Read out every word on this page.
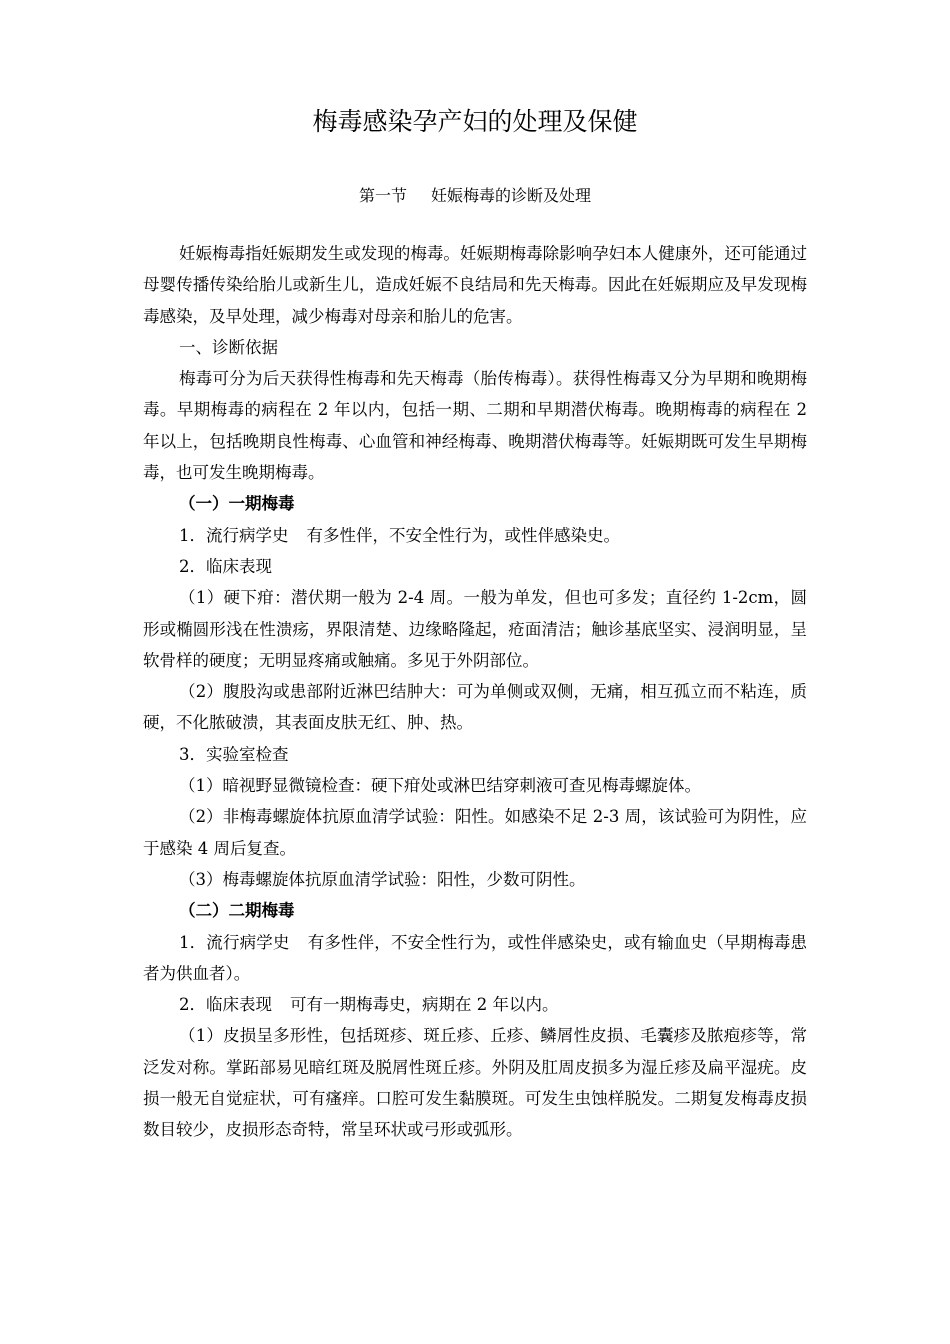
梅毒感染孕产妇的处理及保健
第一节 妊娠梅毒的诊断及处理

妊娠梅毒指妊娠期发生或发现的梅毒。妊娠期梅毒除影响孕妇本人健康外，还可能通过母婴传播传染给胎儿或新生儿，造成妊娠不良结局和先天梅毒。因此在妊娠期应及早发现梅毒感染，及早处理，减少梅毒对母亲和胎儿的危害。

一、诊断依据

梅毒可分为后天获得性梅毒和先天梅毒（胎传梅毒）。获得性梅毒又分为早期和晚期梅毒。早期梅毒的病程在 2 年以内，包括一期、二期和早期潜伏梅毒。晚期梅毒的病程在 2 年以上，包括晚期良性梅毒、心血管和神经梅毒、晚期潜伏梅毒等。妊娠期既可发生早期梅毒，也可发生晚期梅毒。

（一）一期梅毒

1．流行病学史 有多性伴，不安全性行为，或性伴感染史。

2．临床表现

（1）硬下疳：潜伏期一般为 2-4 周。一般为单发，但也可多发；直径约 1-2cm，圆形或椭圆形浅在性溃疡，界限清楚、边缘略隆起，疮面清洁；触诊基底坚实、浸润明显，呈软骨样的硬度；无明显疼痛或触痛。多见于外阴部位。

（2）腹股沟或患部附近淋巴结肿大：可为单侧或双侧，无痛，相互孤立而不粘连，质硬，不化脓破溃，其表面皮肤无红、肿、热。

3．实验室检查

（1）暗视野显微镜检查：硬下疳处或淋巴结穿刺液可查见梅毒螺旋体。

（2）非梅毒螺旋体抗原血清学试验：阳性。如感染不足 2-3 周，该试验可为阴性，应于感染 4 周后复查。

（3）梅毒螺旋体抗原血清学试验：阳性，少数可阴性。

（二）二期梅毒

1．流行病学史 有多性伴，不安全性行为，或性伴感染史，或有输血史（早期梅毒患者为供血者）。

2．临床表现 可有一期梅毒史，病期在 2 年以内。

（1）皮损呈多形性，包括斑疹、斑丘疹、丘疹、鳞屑性皮损、毛囊疹及脓疱疹等，常泛发对称。掌跖部易见暗红斑及脱屑性斑丘疹。外阴及肛周皮损多为湿丘疹及扁平湿疣。皮损一般无自觉症状，可有瘙痒。口腔可发生黏膜斑。可发生虫蚀样脱发。二期复发梅毒皮损数目较少，皮损形态奇特，常呈环状或弓形或弧形。
